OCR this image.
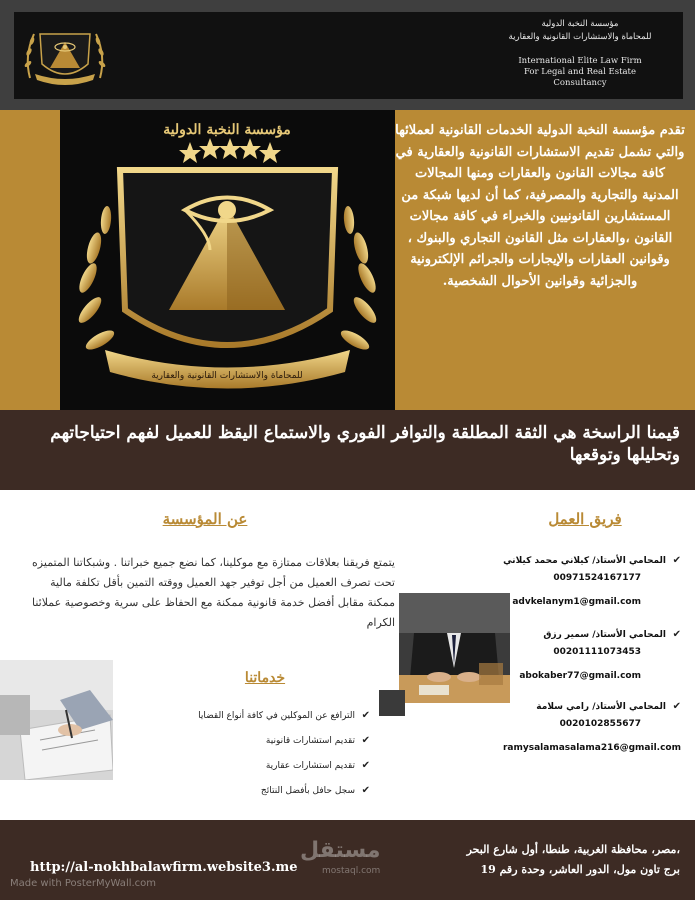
مؤسسة النخبة الدولية
للمحاماة والاستشارات القانونية والعقارية
International Elite Law Firm
For Legal and Real Estate
Consultancy
للمحاماة والاستشارات القانونية والعقارية
مؤسسة النخبة الدولية	تقدم مؤسسة النخبة الدولية الخدمات القانونية لعملائها والتي تشمل تقديم الاستشارات القانونية والعقارية في كافة مجالات القانون والعقارات ومنها المجالات المدنية والتجارية والمصرفية، كما أن لديها شبكة من المستشارين القانونيين والخبراء في كافة مجالات القانون ،والعقارات مثل القانون التجاري والبنوك ، وقوانين العقارات والإيجارات والجرائم الإلكترونية والجزائية وقوانين الأحوال الشخصية.
قيمنا الراسخة هي الثقة المطلقة والتوافر الفوري والاستماع اليقظ للعميل لفهم احتياجاتهم وتحليلها وتوقعها
عن المؤسسة
يتمتع فريقنا بعلاقات ممتازة مع موكلينا، كما نضع جميع خبراتنا . وشبكاتنا المتميزه تحت تصرف العميل من أجل توفير جهد العميل ووقته التمين بأقل تكلفة مالية ممكنة مقابل أفضل خدمة قانونية ممكنة مع الحفاظ على سرية وخصوصية عملائنا الكرام
فريق العمل
✔المحامي الأستاذ/ كيلاني محمد كيلاني
00971524167177
advkelanym1@gmail.com
✔المحامي الأستاذ/ سمير رزق
00201111073453
abokaber77@gmail.com
✔المحامي الأستاذ/ رامي سلامة
0020102855677
ramysalamasalama216@gmail.com
خدماتنا
✔الترافع عن الموكلين في كافة أنواع القضايا
✔تقديم استشارات قانونية
✔تقديم استشارات عقارية
✔سجل حافل بأفضل النتائج
http://al-nokhbalawfirm.website3.me
،مصر، محافظة الغربية، طنطا، أول شارع البحر
برج تاون مول، الدور العاشر، وحدة رقم 19
مستقل
mostaql.com
Made with PosterMyWall.com
